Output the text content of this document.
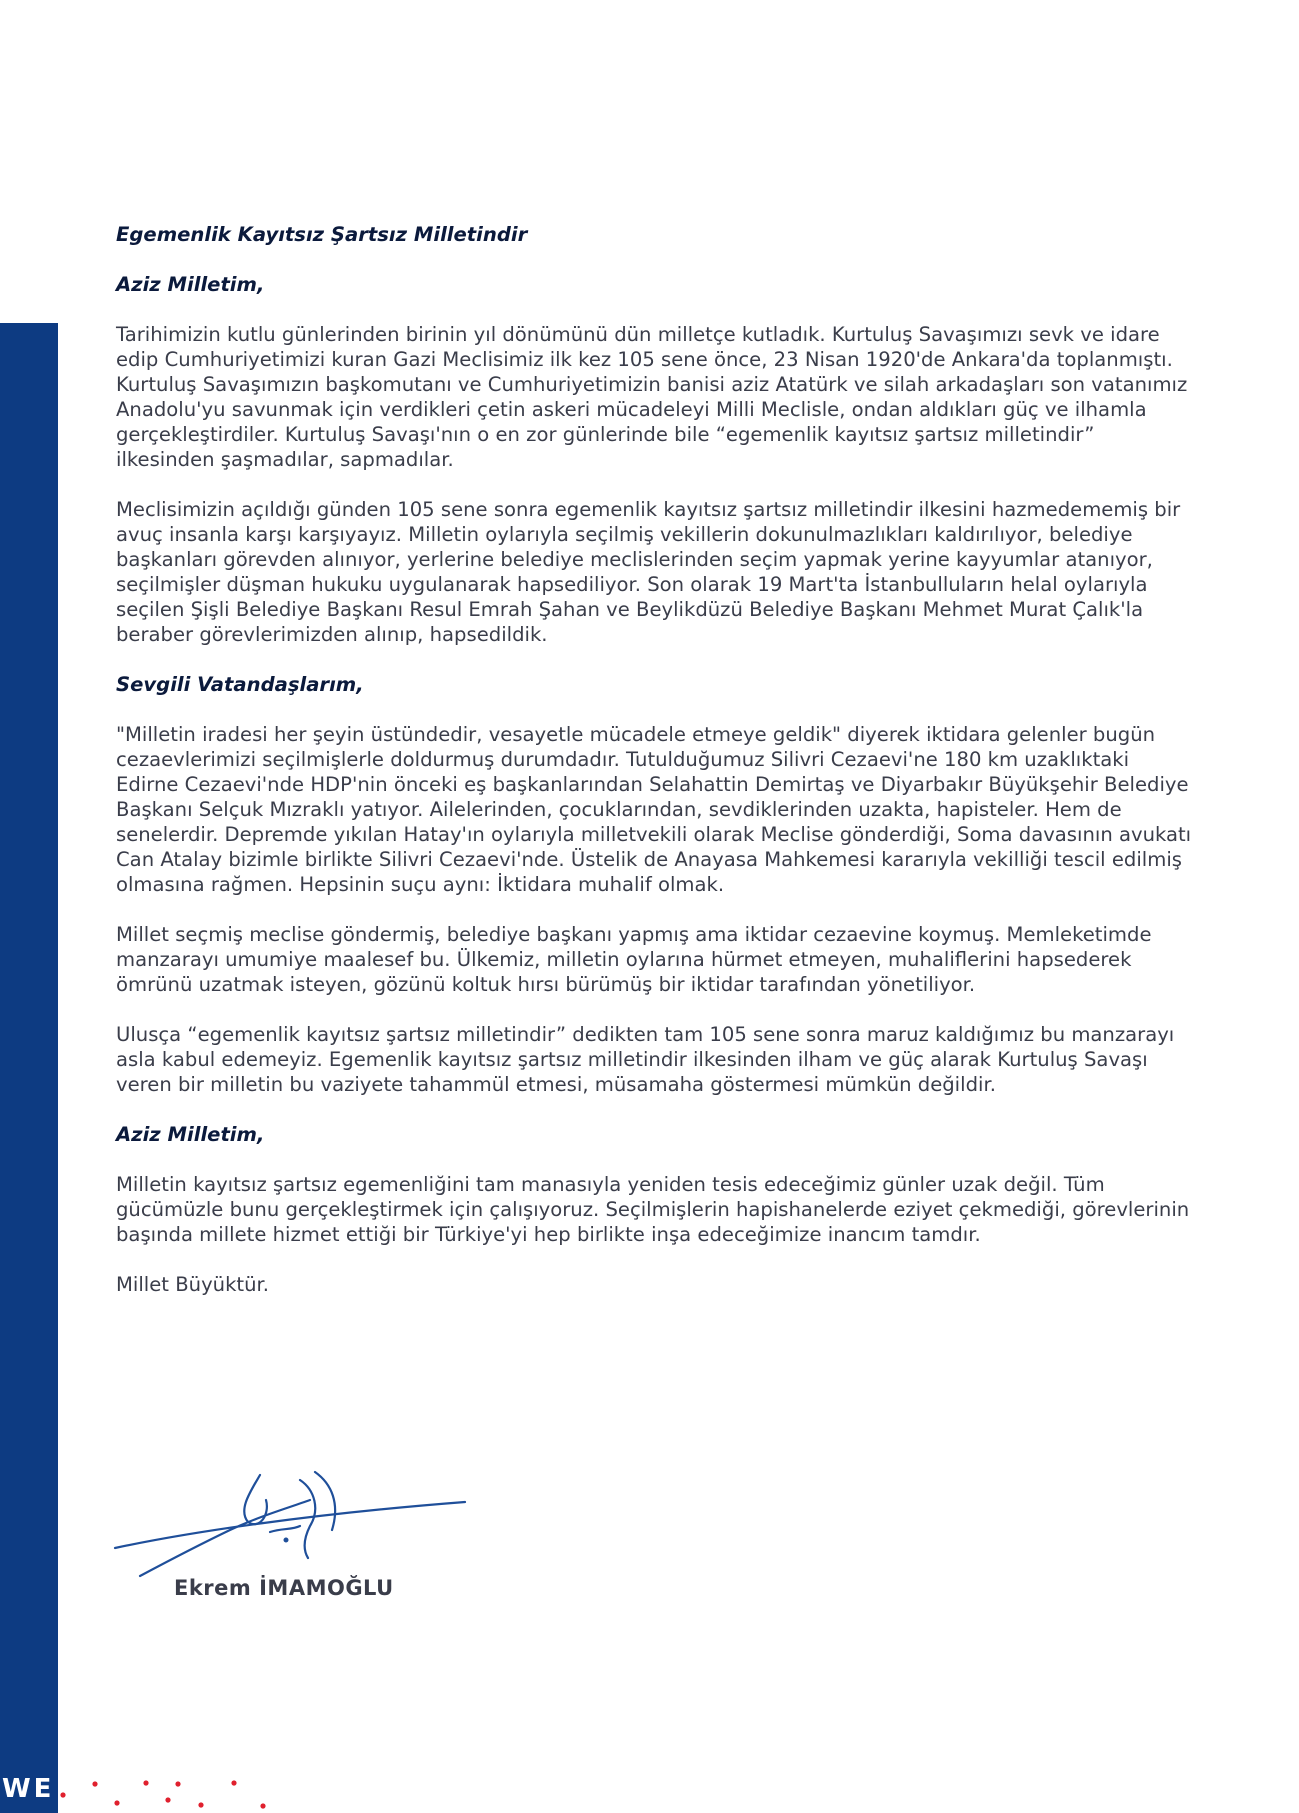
WE

Egemenlik Kayıtsız Şartsız Milletindir

Aziz Milletim,

Tarihimizin kutlu günlerinden birinin yıl dönümünü dün milletçe kutladık. Kurtuluş Savaşımızı sevk ve idare edip Cumhuriyetimizi kuran Gazi Meclisimiz ilk kez 105 sene önce, 23 Nisan 1920'de Ankara'da toplanmıştı. Kurtuluş Savaşımızın başkomutanı ve Cumhuriyetimizin banisi aziz Atatürk ve silah arkadaşları son vatanımız Anadolu'yu savunmak için verdikleri çetin askeri mücadeleyi Milli Meclisle, ondan aldıkları güç ve ilhamla gerçekleştirdiler. Kurtuluş Savaşı'nın o en zor günlerinde bile “egemenlik kayıtsız şartsız milletindir” ilkesinden şaşmadılar, sapmadılar.

Meclisimizin açıldığı günden 105 sene sonra egemenlik kayıtsız şartsız milletindir ilkesini hazmedememiş bir avuç insanla karşı karşıyayız. Milletin oylarıyla seçilmiş vekillerin dokunulmazlıkları kaldırılıyor, belediye başkanları görevden alınıyor, yerlerine belediye meclislerinden seçim yapmak yerine kayyumlar atanıyor, seçilmişler düşman hukuku uygulanarak hapsediliyor. Son olarak 19 Mart'ta İstanbulluların helal oylarıyla seçilen Şişli Belediye Başkanı Resul Emrah Şahan ve Beylikdüzü Belediye Başkanı Mehmet Murat Çalık'la beraber görevlerimizden alınıp, hapsedildik.

Sevgili Vatandaşlarım,

"Milletin iradesi her şeyin üstündedir, vesayetle mücadele etmeye geldik" diyerek iktidara gelenler bugün cezaevlerimizi seçilmişlerle doldurmuş durumdadır. Tutulduğumuz Silivri Cezaevi'ne 180 km uzaklıktaki Edirne Cezaevi'nde HDP'nin önceki eş başkanlarından Selahattin Demirtaş ve Diyarbakır Büyükşehir Belediye Başkanı Selçuk Mızraklı yatıyor. Ailelerinden, çocuklarından, sevdiklerinden uzakta, hapisteler. Hem de senelerdir. Depremde yıkılan Hatay'ın oylarıyla milletvekili olarak Meclise gönderdiği, Soma davasının avukatı Can Atalay bizimle birlikte Silivri Cezaevi'nde. Üstelik de Anayasa Mahkemesi kararıyla vekilliği tescil edilmiş olmasına rağmen. Hepsinin suçu aynı: İktidara muhalif olmak.

Millet seçmiş meclise göndermiş, belediye başkanı yapmış ama iktidar cezaevine koymuş. Memleketimde manzarayı umumiye maalesef bu. Ülkemiz, milletin oylarına hürmet etmeyen, muhaliflerini hapsederek ömrünü uzatmak isteyen, gözünü koltuk hırsı bürümüş bir iktidar tarafından yönetiliyor.

Ulusça “egemenlik kayıtsız şartsız milletindir” dedikten tam 105 sene sonra maruz kaldığımız bu manzarayı asla kabul edemeyiz. Egemenlik kayıtsız şartsız milletindir ilkesinden ilham ve güç alarak Kurtuluş Savaşı veren bir milletin bu vaziyete tahammül etmesi, müsamaha göstermesi mümkün değildir.

Aziz Milletim,

Milletin kayıtsız şartsız egemenliğini tam manasıyla yeniden tesis edeceğimiz günler uzak değil. Tüm gücümüzle bunu gerçekleştirmek için çalışıyoruz. Seçilmişlerin hapishanelerde eziyet çekmediği, görevlerinin başında millete hizmet ettiği bir Türkiye'yi hep birlikte inşa edeceğimize inancım tamdır.

Millet Büyüktür.

Ekrem İMAMOĞLU
